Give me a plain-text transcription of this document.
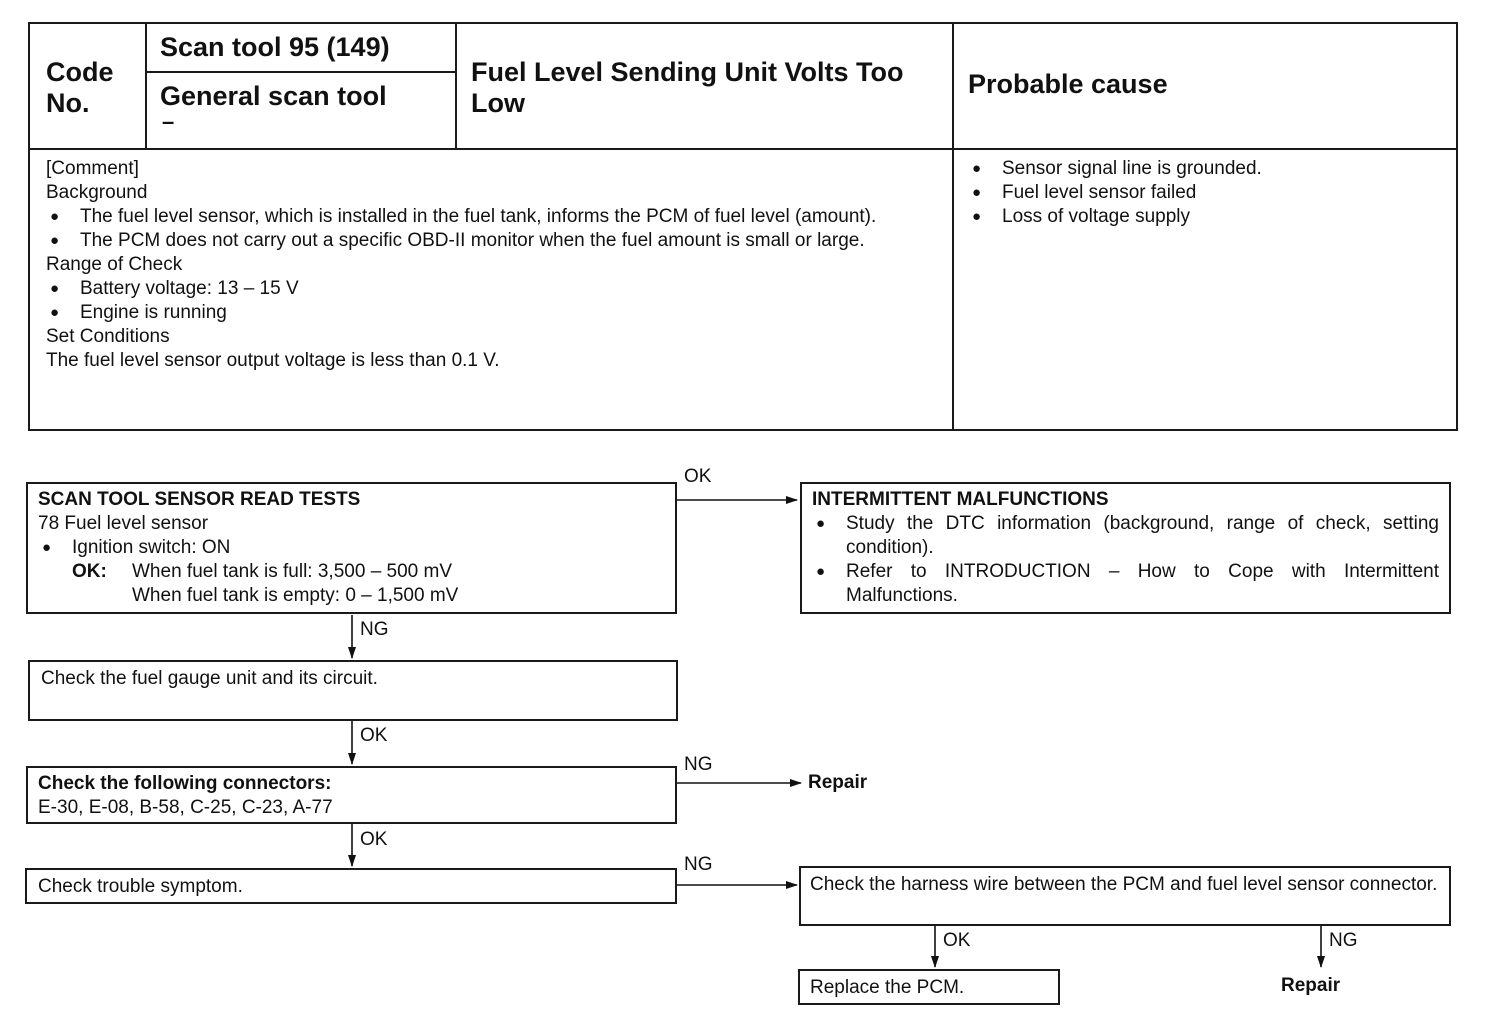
Code No.
Scan tool 95 (149)
General scan tool
–
Fuel Level Sending Unit Volts Too Low
Probable cause
[Comment]
Background
● The fuel level sensor, which is installed in the fuel tank, informs the PCM of fuel level (amount).
● The PCM does not carry out a specific OBD-II monitor when the fuel amount is small or large.
Range of Check
● Battery voltage: 13 – 15 V
● Engine is running
Set Conditions
The fuel level sensor output voltage is less than 0.1 V.
● Sensor signal line is grounded.
● Fuel level sensor failed
● Loss of voltage supply
SCAN TOOL SENSOR READ TESTS
78 Fuel level sensor
● Ignition switch: ON
OK: When fuel tank is full: 3,500 – 500 mV
When fuel tank is empty: 0 – 1,500 mV
INTERMITTENT MALFUNCTIONS
● Study the DTC information (background, range of check, setting condition).
● Refer to INTRODUCTION – How to Cope with Intermittent Malfunctions.
Check the fuel gauge unit and its circuit.
Check the following connectors:
E-30, E-08, B-58, C-25, C-23, A-77
Check trouble symptom.	Check the harness wire between the PCM and fuel level sensor connector.
Replace the PCM.
OK
NG
OK
NG
Repair
OK
NG
OK	NG
Repair
